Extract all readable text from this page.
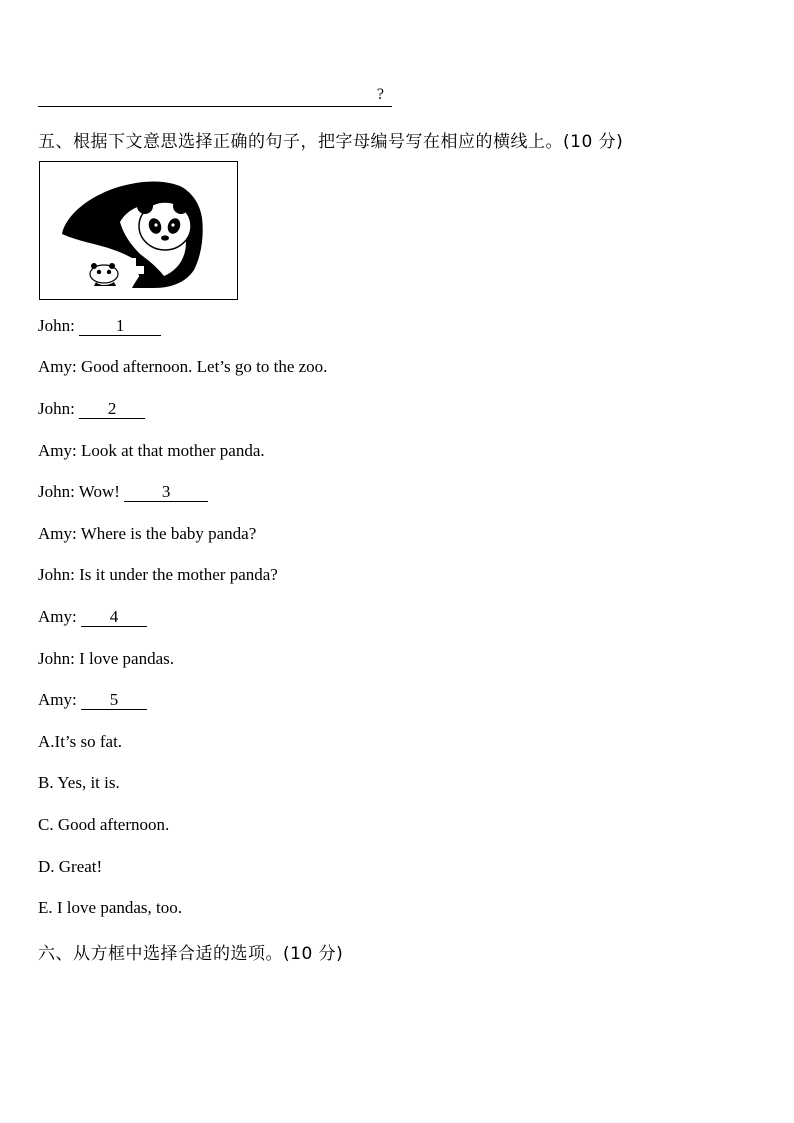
?
五、根据下文意思选择正确的句子，把字母编号写在相应的横线上。(10 分)
John: 1
Amy: Good afternoon. Let’s go to the zoo.
John: 2
Amy: Look at that mother panda.
John: Wow! 3
Amy: Where is the baby panda?
John: Is it under the mother panda?
Amy: 4
John: I love pandas.
Amy: 5
A.It’s so fat.
B. Yes, it is.
C. Good afternoon.
D. Great!
E. I love pandas, too.
六、从方框中选择合适的选项。(10 分)
